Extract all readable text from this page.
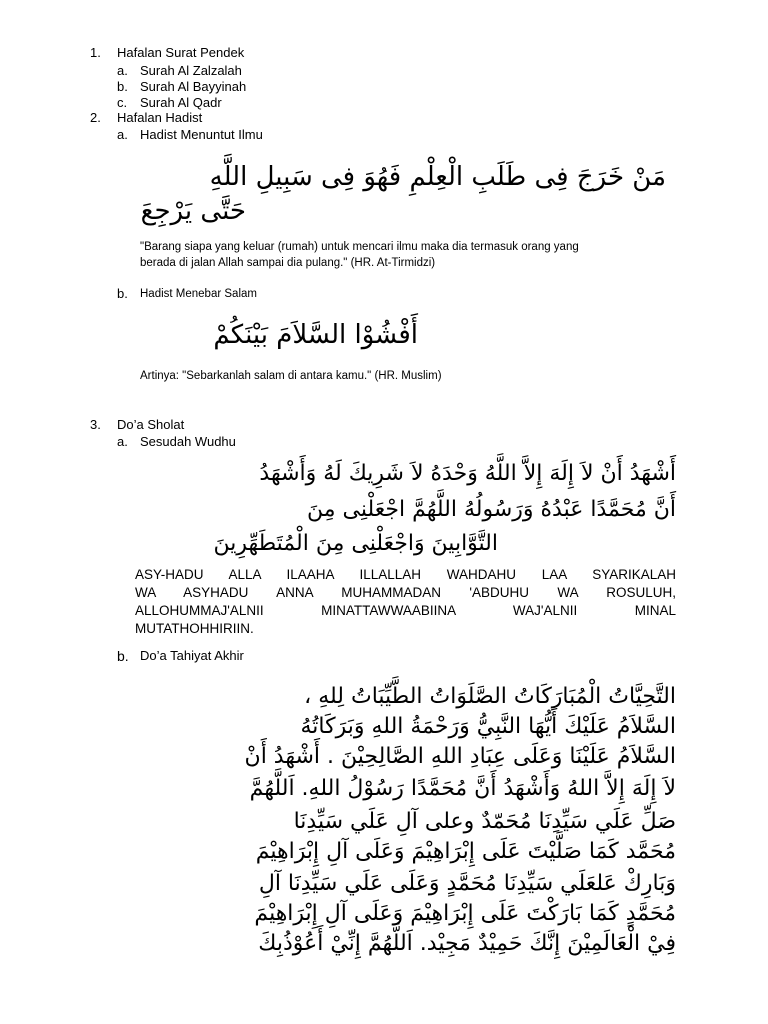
1. Hafalan Surat Pendek
a. Surah Al Zalzalah
b. Surah Al Bayyinah
c. Surah Al Qadr
2. Hafalan Hadist
a. Hadist Menuntut Ilmu
مَنْ خَرَجَ فِى طَلَبِ الْعِلْمِ فَهُوَ فِى سَبِيلِ اللَّهِ
حَتَّى يَرْجِعَ
"Barang siapa yang keluar (rumah) untuk mencari ilmu maka dia termasuk orang yang
berada di jalan Allah sampai dia pulang." (HR. At-Tirmidzi)
b. Hadist Menebar Salam
أَفْشُوْا السَّلاَمَ بَيْنَكُمْ
Artinya: "Sebarkanlah salam di antara kamu." (HR. Muslim)
3. Do’a Sholat
a. Sesudah Wudhu
أَشْهَدُ أَنْ لاَ إِلَهَ إِلاَّ اللَّهُ وَحْدَهُ لاَ شَرِيكَ لَهُ وَأَشْهَدُ
أَنَّ مُحَمَّدًا عَبْدُهُ وَرَسُولُهُ اللَّهُمَّ اجْعَلْنِى مِنَ
التَّوَّابِينَ وَاجْعَلْنِى مِنَ الْمُتَطَهِّرِينَ
ASY-HADU ALLA ILAAHA ILLALLAH WAHDAHU LAA SYARIKALAH
WA ASYHADU ANNA MUHAMMADAN 'ABDUHU WA ROSULUH,
ALLOHUMMAJ'ALNII MINATTAWWAABIINA WAJ'ALNII MINAL
MUTATHOHHIRIIN.
b. Do’a Tahiyat Akhir
التَّحِيَّاتُ الْمُبَارَكَاتُ الصَّلَوَاتُ الطَّيِّبَاتُ لِلهِ ،
السَّلاَمُ عَلَيْكَ أَيُّهَا النَّبِيُّ وَرَحْمَةُ اللهِ وَبَرَكَاتُهُ
السَّلاَمُ عَلَيْنَا وَعَلَى عِبَادِ اللهِ الصَّالِحِيْنَ . أَشْهَدُ أَنْ
لاَ إِلَهَ إِلاَّ اللهُ وَأَشْهَدُ أَنَّ مُحَمَّدًا رَسُوْلُ اللهِ. اَللَّهُمَّ
صَلِّ عَلَي سَيِّدِنَا مُحَمّدٌ وعلى آلِ عَلَي سَيِّدِنَا
مُحَمَّد كَمَا صَلَّيْتَ عَلَى إِبْرَاهِيْمَ وَعَلَى آلِ إِبْرَاهِيْمَ
وَبَارِكْ عَلعَلَي سَيِّدِنَا مُحَمَّدٍ وَعَلَى عَلَي سَيِّدِنَا آلِ
مُحَمَّدٍ كَمَا بَارَكْتَ عَلَى إِبْرَاهِيْمَ وَعَلَى آلِ إِبْرَاهِيْمَ
فِيْ الْعَالَمِيْنَ إِنَّكَ حَمِيْدٌ مَجِيْد. اَللَّهُمَّ إِنِّيْ أَعُوْذُبِكَ
